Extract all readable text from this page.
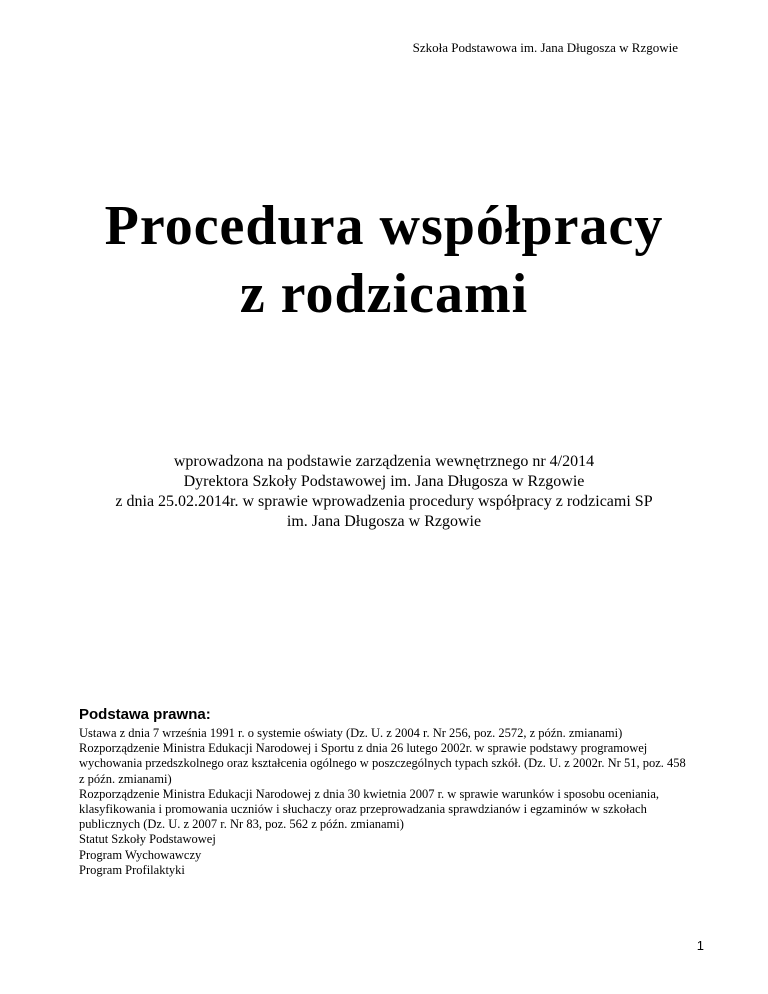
Szkoła Podstawowa im. Jana Długosza w Rzgowie
Procedura współpracy
z rodzicami
wprowadzona na podstawie zarządzenia wewnętrznego nr 4/2014
Dyrektora Szkoły Podstawowej im. Jana Długosza w Rzgowie
z dnia 25.02.2014r. w sprawie wprowadzenia procedury współpracy z rodzicami SP
im. Jana Długosza w Rzgowie
Podstawa prawna:
Ustawa z dnia 7 września 1991 r. o systemie oświaty (Dz. U. z 2004 r. Nr 256, poz. 2572, z późn. zmianami)
Rozporządzenie Ministra Edukacji Narodowej i Sportu z dnia 26 lutego 2002r. w sprawie podstawy programowej wychowania przedszkolnego oraz kształcenia ogólnego w poszczególnych typach szkół. (Dz. U. z 2002r. Nr 51, poz. 458 z późn. zmianami)
Rozporządzenie Ministra Edukacji Narodowej z dnia 30 kwietnia 2007 r. w sprawie warunków i sposobu oceniania, klasyfikowania i promowania uczniów i słuchaczy oraz przeprowadzania sprawdzianów i egzaminów w szkołach publicznych (Dz. U. z 2007 r. Nr 83, poz. 562 z późn. zmianami)
Statut Szkoły Podstawowej
Program Wychowawczy
Program Profilaktyki
1
